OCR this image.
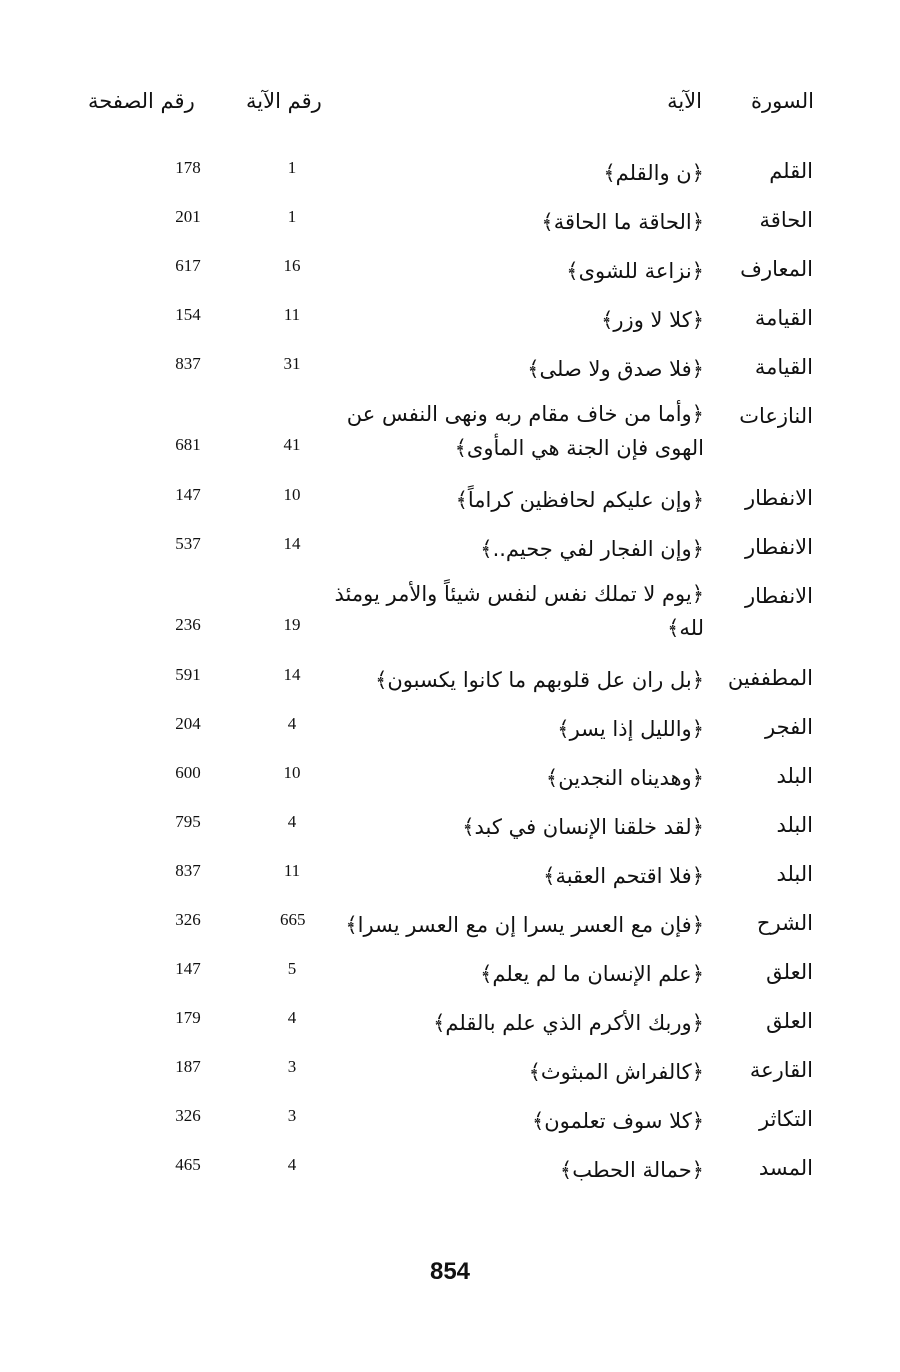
السورة
الآية
رقم الآية
رقم الصفحة
القلم
﴿ن والقلم﴾
1
178
الحاقة
﴿الحاقة ما الحاقة﴾
1
201
المعارف
﴿نزاعة للشوى﴾
16
617
القيامة
﴿كلا لا وزر﴾
11
154
القيامة
﴿فلا صدق ولا صلى﴾
31
837
النازعات
﴿وأما من خاف مقام ربه ونهى النفس عن الهوى فإن الجنة هي المأوى﴾
41
681
الانفطار
﴿وإن عليكم لحافظين كراماً﴾
10
147
الانفطار
﴿وإن الفجار لفي جحيم..﴾
14
537
الانفطار
﴿يوم لا تملك نفس لنفس شيئاً والأمر يومئذ لله﴾
19
236
المطففين
﴿بل ران عل قلوبهم ما كانوا يكسبون﴾
14
591
الفجر
﴿والليل إذا يسر﴾
4
204
البلد
﴿وهديناه النجدين﴾
10
600
البلد
﴿لقد خلقنا الإنسان في كبد﴾
4
795
البلد
﴿فلا اقتحم العقبة﴾
11
837
الشرح
﴿فإن مع العسر يسرا إن مع العسر يسرا﴾
665
326
العلق
﴿علم الإنسان ما لم يعلم﴾
5
147
العلق
﴿وربك الأكرم الذي علم بالقلم﴾
4
179
القارعة
﴿كالفراش المبثوث﴾
3
187
التكاثر
﴿كلا سوف تعلمون﴾
3
326
المسد
﴿حمالة الحطب﴾
4
465
854
